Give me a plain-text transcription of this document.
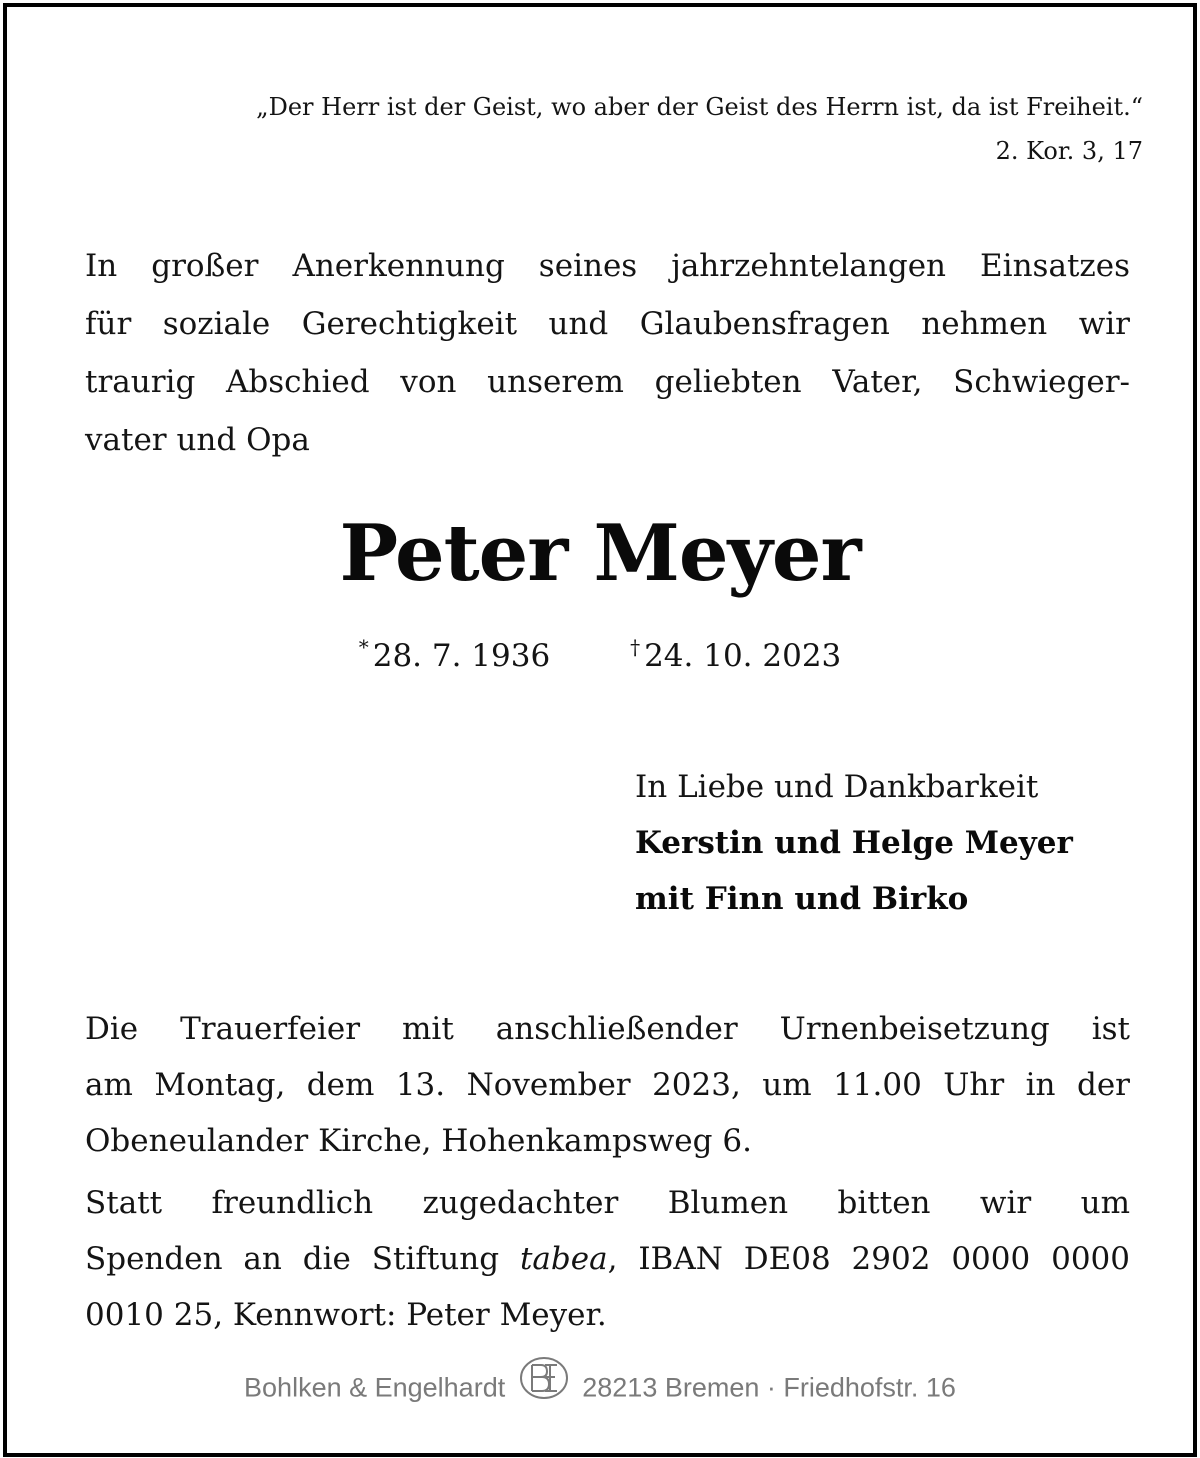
„Der Herr ist der Geist, wo aber der Geist des Herrn ist, da ist Freiheit.“
2. Kor. 3, 17
In großer Anerkennung seines jahrzehntelangen Einsatzes
für soziale Gerechtigkeit und Glaubensfragen nehmen wir
traurig Abschied von unserem geliebten Vater, Schwieger-
vater und Opa
Peter Meyer
* 28. 7. 1936	† 24. 10. 2023
In Liebe und Dankbarkeit
Kerstin und Helge Meyer
mit Finn und Birko
Die Trauerfeier mit anschließender Urnenbeisetzung ist
am Montag, dem 13. November 2023, um 11.00 Uhr in der
Obeneulander Kirche, Hohenkampsweg 6.
Statt freundlich zugedachter Blumen bitten wir um
Spenden an die Stiftung tabea, IBAN DE08 2902 0000 0000
0010 25, Kennwort: Peter Meyer.
Bohlken & Engelhardt	28213 Bremen · Friedhofstr. 16
